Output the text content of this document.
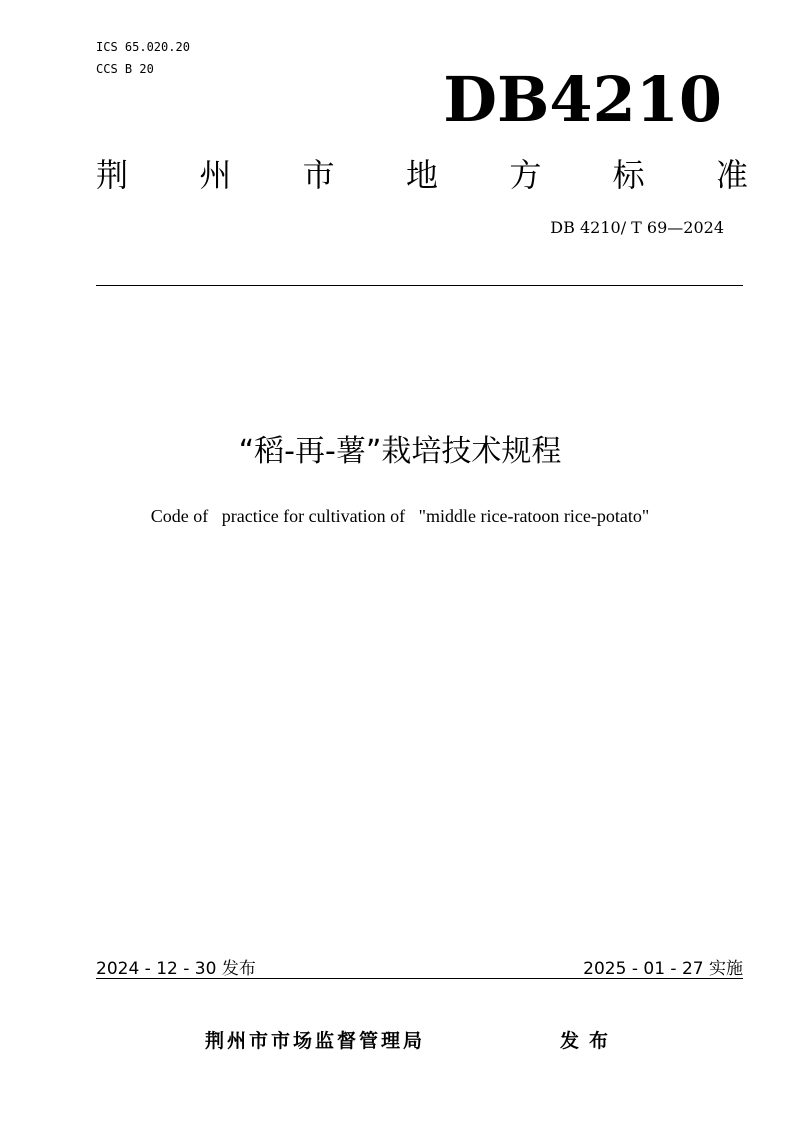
ICS 65.020.20
CCS B 20	DB4210
荆 州 市 地 方 标 准
DB 4210/ T 69—2024
“稻-再-薯”栽培技术规程
Code of   practice for cultivation of   "middle rice-ratoon rice-potato"
2024 - 12 - 30 发布	2025 - 01 - 27 实施
荆州市市场监督管理局	发布
